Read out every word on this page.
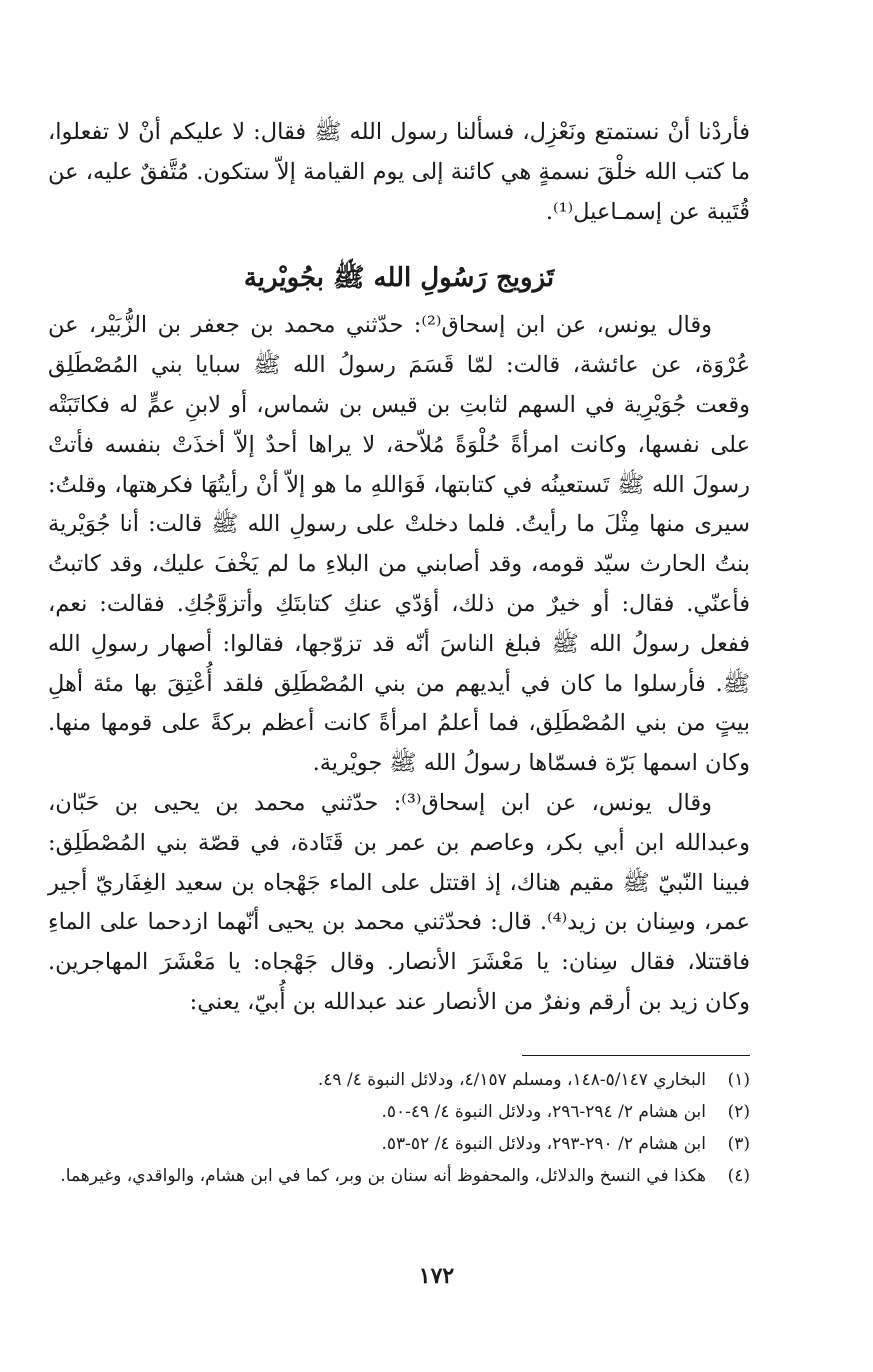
فأردْنا أنْ نستمتع ونَعْزِل، فسألنا رسول الله ﷺ فقال: لا عليكم أنْ لا تفعلوا، ما كتب الله خلْقَ نسمةٍ هي كائنة إلى يوم القيامة إلاّ ستكون. مُتَّفقٌ عليه، عن قُتَيبة عن إسمـاعيل⁽¹⁾.

تَزويج رَسُولِ الله ﷺ بجُويْرية

وقال يونس، عن ابن إسحاق⁽²⁾: حدّثني محمد بن جعفر بن الزُّبَيْر، عن عُرْوَة، عن عائشة، قالت: لمّا قَسَمَ رسولُ الله ﷺ سبايا بني المُصْطَلِق وقعت جُوَيْرِية في السهم لثابتِ بن قيس بن شماس، أو لابنِ عمٍّ له فكاتَبَتْه على نفسها، وكانت امرأةً حُلْوَةً مُلاّحة، لا يراها أحدٌ إلاّ أخذَتْ بنفسه فأتتْ رسولَ الله ﷺ تَستعينُه في كتابتها، فَوَاللهِ ما هو إلاّ أنْ رأيتُهَا فكرهتها، وقلتُ: سيرى منها مِثْلَ ما رأيتُ. فلما دخلتْ على رسولِ الله ﷺ قالت: أنا جُوَيْرية بنتُ الحارث سيّد قومه، وقد أصابني من البلاءِ ما لم يَخْفَ عليك، وقد كاتبتُ فأعنّي. فقال: أو خيرٌ من ذلك، أؤدّي عنكِ كتابتَكِ وأتزوَّجُكِ. فقالت: نعم، ففعل رسولُ الله ﷺ فبلغ الناسَ أنّه قد تزوّجها، فقالوا: أصهار رسولِ الله ﷺ. فأرسلوا ما كان في أيديهم من بني المُصْطَلِق فلقد أُعْتِقَ بها مئة أهلِ بيتٍ من بني المُصْطَلِق، فما أعلمُ امرأةً كانت أعظم بركةً على قومها منها. وكان اسمها بَرّة فسمّاها رسولُ الله ﷺ جويْرية.

وقال يونس، عن ابن إسحاق⁽³⁾: حدّثني محمد بن يحيى بن حَبّان، وعبدالله ابن أبي بكر، وعاصم بن عمر بن قَتَادة، في قصّة بني المُصْطَلِق: فبينا النّبيّ ﷺ مقيم هناك، إذ اقتتل على الماء جَهْجاه بن سعيد الغِفَاريّ أجير عمر، وسِنان بن زيد⁽⁴⁾. قال: فحدّثني محمد بن يحيى أنّهما ازدحما على الماءِ فاقتتلا، فقال سِنان: يا مَعْشَرَ الأنصار. وقال جَهْجاه: يا مَعْشَرَ المهاجرين. وكان زيد بن أرقم ونفرٌ من الأنصار عند عبدالله بن أُبيّ، يعني:

(١)
البخاري ٥/١٤٧-١٤٨، ومسلم ٤/١٥٧، ودلائل النبوة ٤/ ٤٩.
(٢)
ابن هشام ٢/ ٢٩٤-٢٩٦، ودلائل النبوة ٤/ ٤٩-٥٠.
(٣)
ابن هشام ٢/ ٢٩٠-٢٩٣، ودلائل النبوة ٤/ ٥٢-٥٣.
(٤)
هكذا في النسخ والدلائل، والمحفوظ أنه سنان بن وبر، كما في ابن هشام، والواقدي، وغيرهما.
١٧٢
